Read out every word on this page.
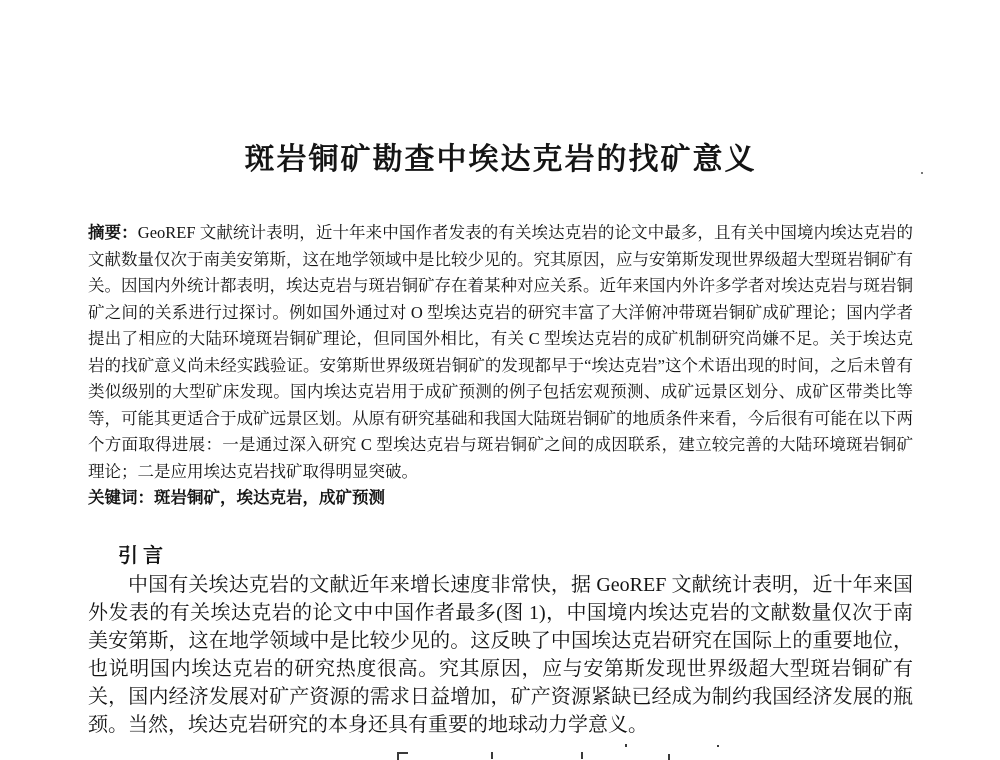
斑岩铜矿勘查中埃达克岩的找矿意义

摘要：GeoREF 文献统计表明，近十年来中国作者发表的有关埃达克岩的论文中最多，且有关中国境内埃达克岩的文献数量仅次于南美安第斯，这在地学领域中是比较少见的。究其原因，应与安第斯发现世界级超大型斑岩铜矿有关。因国内外统计都表明，埃达克岩与斑岩铜矿存在着某种对应关系。近年来国内外许多学者对埃达克岩与斑岩铜矿之间的关系进行过探讨。例如国外通过对 O 型埃达克岩的研究丰富了大洋俯冲带斑岩铜矿成矿理论；国内学者提出了相应的大陆环境斑岩铜矿理论，但同国外相比，有关 C 型埃达克岩的成矿机制研究尚嫌不足。关于埃达克岩的找矿意义尚未经实践验证。安第斯世界级斑岩铜矿的发现都早于“埃达克岩”这个术语出现的时间，之后未曾有类似级别的大型矿床发现。国内埃达克岩用于成矿预测的例子包括宏观预测、成矿远景区划分、成矿区带类比等等，可能其更适合于成矿远景区划。从原有研究基础和我国大陆斑岩铜矿的地质条件来看，今后很有可能在以下两个方面取得进展：一是通过深入研究 C 型埃达克岩与斑岩铜矿之间的成因联系，建立较完善的大陆环境斑岩铜矿理论；二是应用埃达克岩找矿取得明显突破。

关键词：斑岩铜矿，埃达克岩，成矿预测

引 言

中国有关埃达克岩的文献近年来增长速度非常快，据 GeoREF 文献统计表明，近十年来国外发表的有关埃达克岩的论文中中国作者最多(图 1)，中国境内埃达克岩的文献数量仅次于南美安第斯，这在地学领域中是比较少见的。这反映了中国埃达克岩研究在国际上的重要地位，也说明国内埃达克岩的研究热度很高。究其原因，应与安第斯发现世界级超大型斑岩铜矿有关，国内经济发展对矿产资源的需求日益增加，矿产资源紧缺已经成为制约我国经济发展的瓶颈。当然，埃达克岩研究的本身还具有重要的地球动力学意义。
